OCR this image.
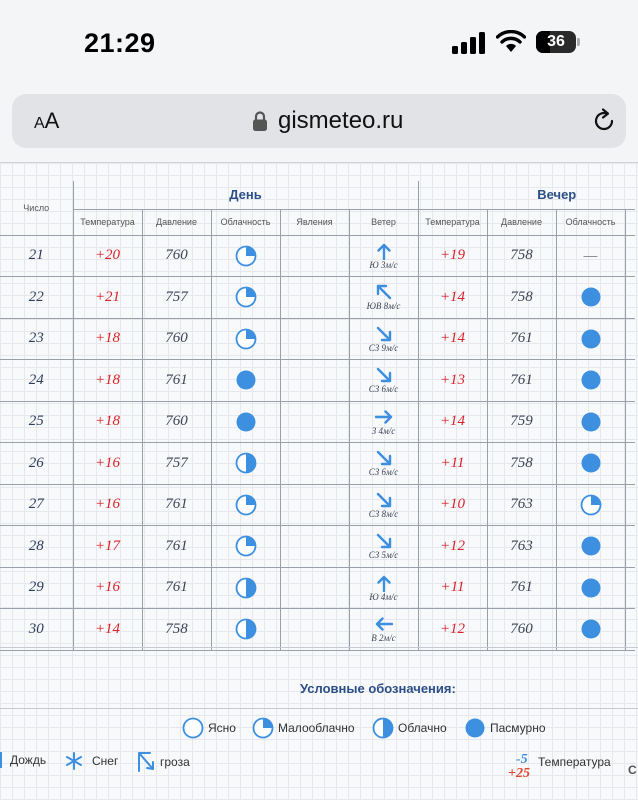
21:29	36
AA	gismeteo.ru
Число	День					Вечер			
	Температура	Давление	Облачность	Явления	Ветер	Температура	Давление	Облачность	
21	+20	760			Ю 3м/с	+19	758	—	
22	+21	757			ЮВ 8м/с	+14	758		
23	+18	760			СЗ 9м/с	+14	761		
24	+18	761			СЗ 6м/с	+13	761		
25	+18	760			З 4м/с	+14	759		
26	+16	757			СЗ 6м/с	+11	758		
27	+16	761			СЗ 8м/с	+10	763		
28	+17	761			СЗ 5м/с	+12	763		
29	+16	761			Ю 4м/с	+11	761		
30	+14	758			В 2м/с	+12	760		
Условные обозначения:
Ясно	Малооблачно	Облачно	Пасмурно
Дождь	Снег	гроза	-5
+25
Температура
С
